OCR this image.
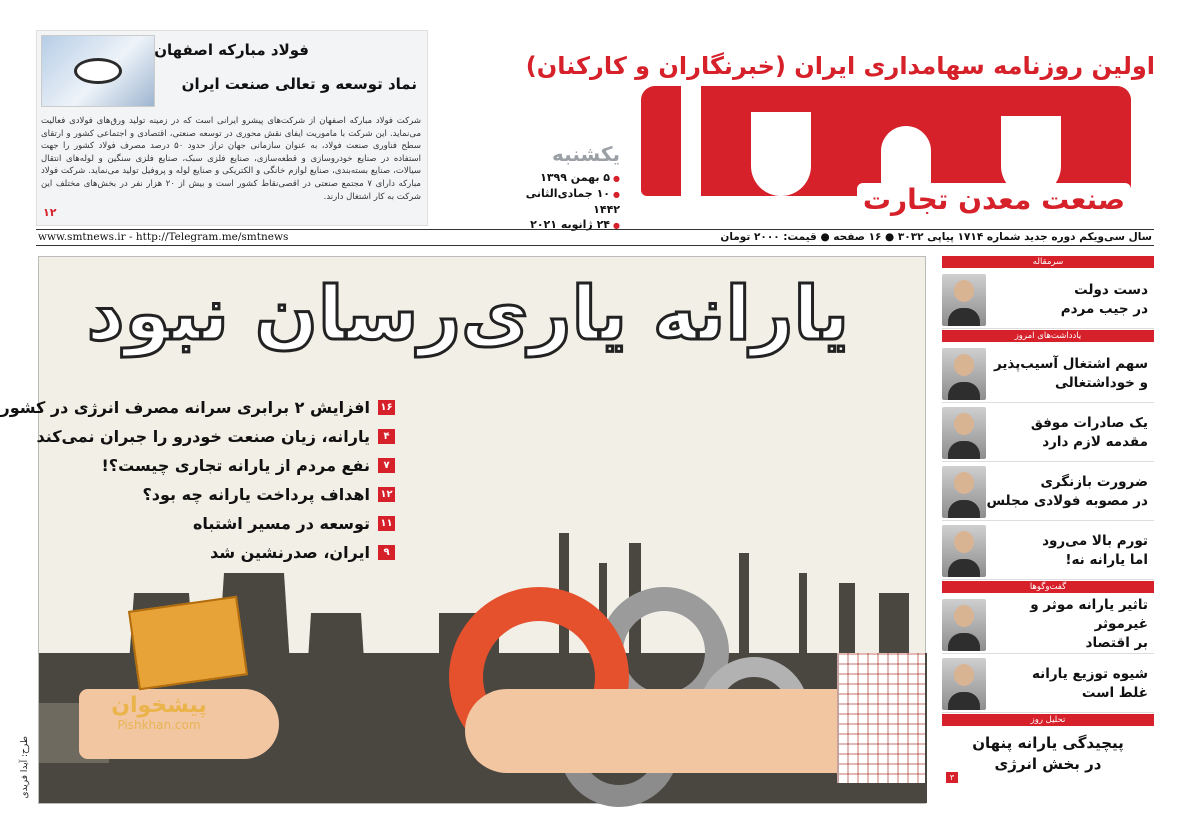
اولین روزنامه سهامداری ایران (خبرنگاران و کارکنان)
صنعت معدن تجارت
یکشنبه
● ۵ بهمن ۱۳۹۹
● ۱۰ جمادی‌الثانی ۱۴۴۲
● ۲۴ ژانویه ۲۰۲۱
فولاد مبارکه اصفهان
نماد توسعه و تعالی صنعت ایران
شرکت فولاد مبارکه اصفهان از شرکت‌های پیشرو ایرانی است که در زمینه تولید ورق‌های فولادی فعالیت می‌نماید. این شرکت با ماموریت ایفای نقش محوری در توسعه صنعتی، اقتصادی و اجتماعی کشور و ارتقای سطح فناوری صنعت فولاد، به عنوان سازمانی جهان تراز حدود ۵۰ درصد مصرف فولاد کشور را جهت استفاده در صنایع خودروسازی و قطعه‌سازی، صنایع فلزی سبک، صنایع فلزی سنگین و لوله‌های انتقال سیالات، صنایع بسته‌بندی، صنایع لوازم خانگی و الکتریکی و صنایع لوله و پروفیل تولید می‌نماید. شرکت فولاد مبارکه دارای ۷ مجتمع صنعتی در اقصی‌نقاط کشور است و بیش از ۲۰ هزار نفر در بخش‌های مختلف این شرکت به کار اشتغال دارند.
۱۲
سال سی‌ویکم دوره جدید شماره ۱۷۱۴ پیاپی ۳۰۳۲ ● ۱۶ صفحه ● قیمت: ۲۰۰۰ تومان
www.smtnews.ir - http://Telegram.me/smtnews
یارانه یاری‌رسان نبود
۱۶
افزایش ۲ برابری سرانه مصرف انرژی در کشور
۴
یارانه، زیان صنعت خودرو را جبران نمی‌کند
۷
نفع مردم از یارانه تجاری چیست؟!
۱۲
اهداف پرداخت یارانه چه بود؟
۱۱
توسعه در مسیر اشتباه
۹
ایران، صدرنشین شد
پیشخوان
Pishkhan.com
طرح: آیدا فریدی
سرمقاله
دست دولت
در جیب مردم
یادداشت‌های امروز
سهم اشتغال آسیب‌پذیر
و خوداشتغالی
یک صادرات موفق
مقدمه لازم دارد
ضرورت بازنگری
در مصوبه فولادی مجلس
تورم بالا می‌رود
اما یارانه نه!
گفت‌وگوها
تاثیر یارانه موثر و غیرموثر
بر اقتصاد
شیوه توزیع یارانه
غلط است
تحلیل روز
پیچیدگی یارانه پنهان
در بخش انرژی
۳
